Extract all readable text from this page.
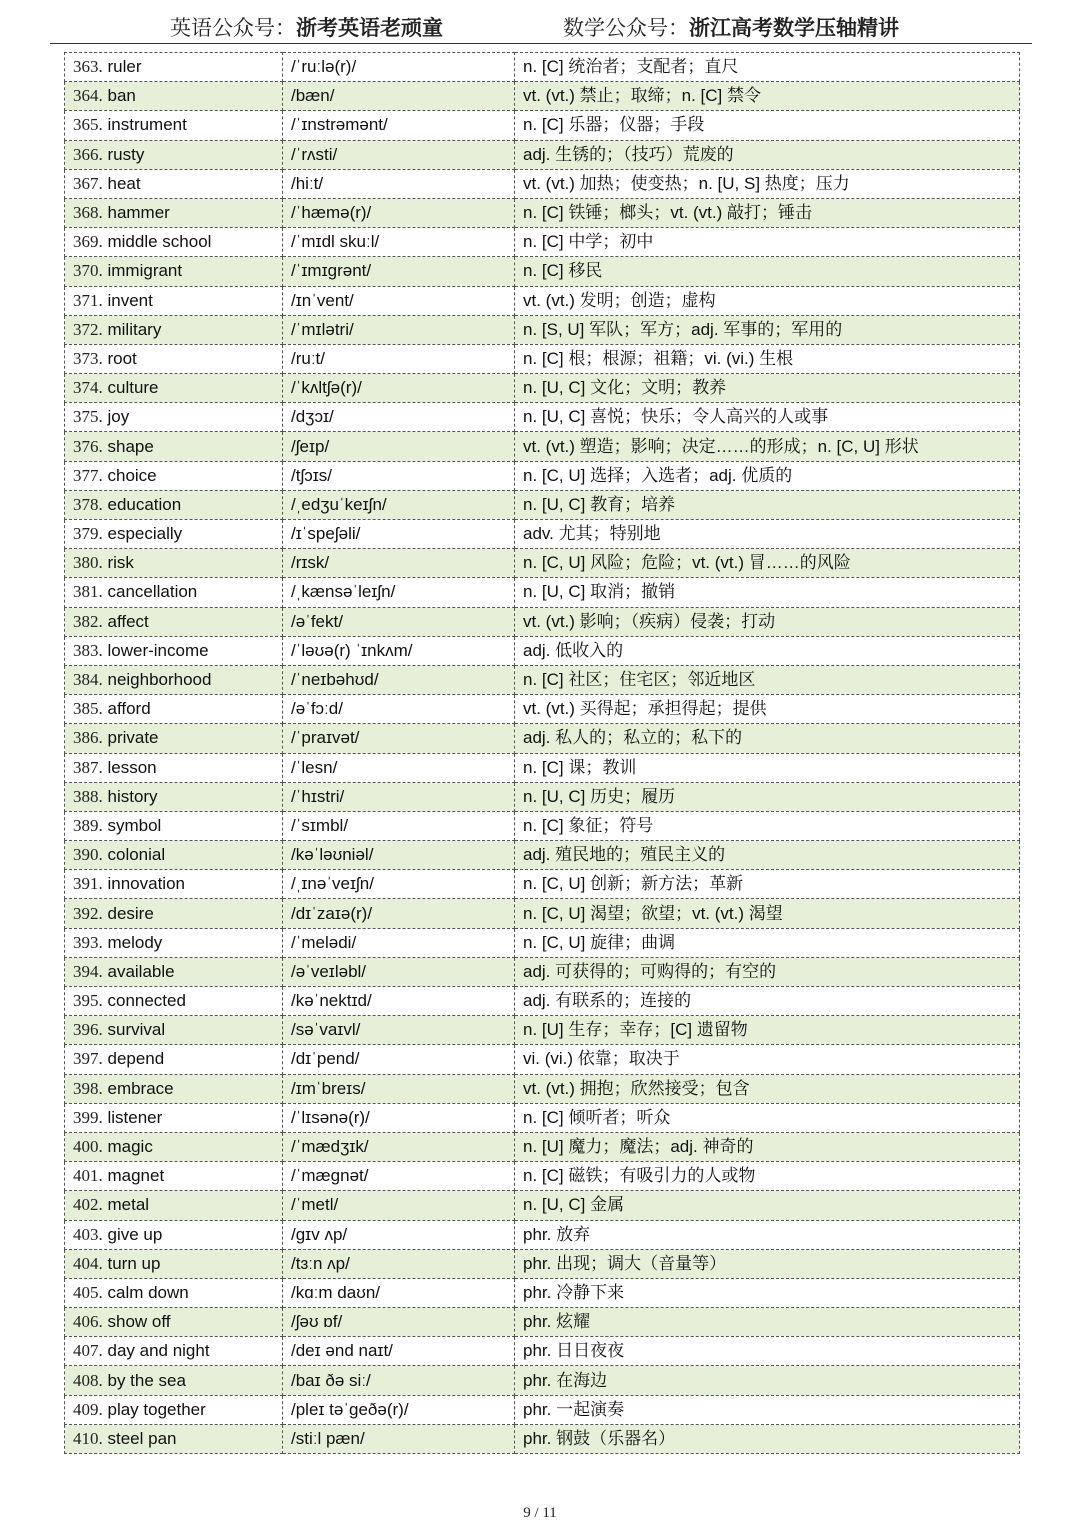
英语公众号：浙考英语老顽童	数学公众号：浙江高考数学压轴精讲
363. ruler	/ˈruːlə(r)/	n. [C] 统治者；支配者；直尺
364. ban	/bæn/	vt. (vt.) 禁止；取缔；n. [C] 禁令
365. instrument	/ˈɪnstrəmənt/	n. [C] 乐器；仪器；手段
366. rusty	/ˈrʌsti/	adj. 生锈的；（技巧）荒废的
367. heat	/hiːt/	vt. (vt.) 加热；使变热；n. [U, S] 热度；压力
368. hammer	/ˈhæmə(r)/	n. [C] 铁锤；榔头；vt. (vt.) 敲打；锤击
369. middle school	/ˈmɪdl skuːl/	n. [C] 中学；初中
370. immigrant	/ˈɪmɪgrənt/	n. [C] 移民
371. invent	/ɪnˈvent/	vt. (vt.) 发明；创造；虚构
372. military	/ˈmɪlətri/	n. [S, U] 军队；军方；adj. 军事的；军用的
373. root	/ruːt/	n. [C] 根；根源；祖籍；vi. (vi.) 生根
374. culture	/ˈkʌltʃə(r)/	n. [U, C] 文化；文明；教养
375. joy	/dʒɔɪ/	n. [U, C] 喜悦；快乐；令人高兴的人或事
376. shape	/ʃeɪp/	vt. (vt.) 塑造；影响；决定……的形成；n. [C, U] 形状
377. choice	/tʃɔɪs/	n. [C, U] 选择；入选者；adj. 优质的
378. education	/ˌedʒuˈkeɪʃn/	n. [U, C] 教育；培养
379. especially	/ɪˈspeʃəli/	adv. 尤其；特别地
380. risk	/rɪsk/	n. [C, U] 风险；危险；vt. (vt.) 冒……的风险
381. cancellation	/ˌkænsəˈleɪʃn/	n. [U, C] 取消；撤销
382. affect	/əˈfekt/	vt. (vt.) 影响；（疾病）侵袭；打动
383. lower-income	/ˈləʊə(r) ˈɪnkʌm/	adj. 低收入的
384. neighborhood	/ˈneɪbəhʊd/	n. [C] 社区；住宅区；邻近地区
385. afford	/əˈfɔːd/	vt. (vt.) 买得起；承担得起；提供
386. private	/ˈpraɪvət/	adj. 私人的；私立的；私下的
387. lesson	/ˈlesn/	n. [C] 课；教训
388. history	/ˈhɪstri/	n. [U, C] 历史；履历
389. symbol	/ˈsɪmbl/	n. [C] 象征；符号
390. colonial	/kəˈləʊniəl/	adj. 殖民地的；殖民主义的
391. innovation	/ˌɪnəˈveɪʃn/	n. [C, U] 创新；新方法；革新
392. desire	/dɪˈzaɪə(r)/	n. [C, U] 渴望；欲望；vt. (vt.) 渴望
393. melody	/ˈmelədi/	n. [C, U] 旋律；曲调
394. available	/əˈveɪləbl/	adj. 可获得的；可购得的；有空的
395. connected	/kəˈnektɪd/	adj. 有联系的；连接的
396. survival	/səˈvaɪvl/	n. [U] 生存；幸存；[C] 遗留物
397. depend	/dɪˈpend/	vi. (vi.) 依靠；取决于
398. embrace	/ɪmˈbreɪs/	vt. (vt.) 拥抱；欣然接受；包含
399. listener	/ˈlɪsənə(r)/	n. [C] 倾听者；听众
400. magic	/ˈmædʒɪk/	n. [U] 魔力；魔法；adj. 神奇的
401. magnet	/ˈmægnət/	n. [C] 磁铁；有吸引力的人或物
402. metal	/ˈmetl/	n. [U, C] 金属
403. give up	/gɪv ʌp/	phr. 放弃
404. turn up	/tɜːn ʌp/	phr. 出现；调大（音量等）
405. calm down	/kɑːm daʊn/	phr. 冷静下来
406. show off	/ʃəʊ ɒf/	phr. 炫耀
407. day and night	/deɪ ənd naɪt/	phr. 日日夜夜
408. by the sea	/baɪ ðə siː/	phr. 在海边
409. play together	/pleɪ təˈgeðə(r)/	phr. 一起演奏
410. steel pan	/stiːl pæn/	phr. 钢鼓（乐器名）
9 / 11
